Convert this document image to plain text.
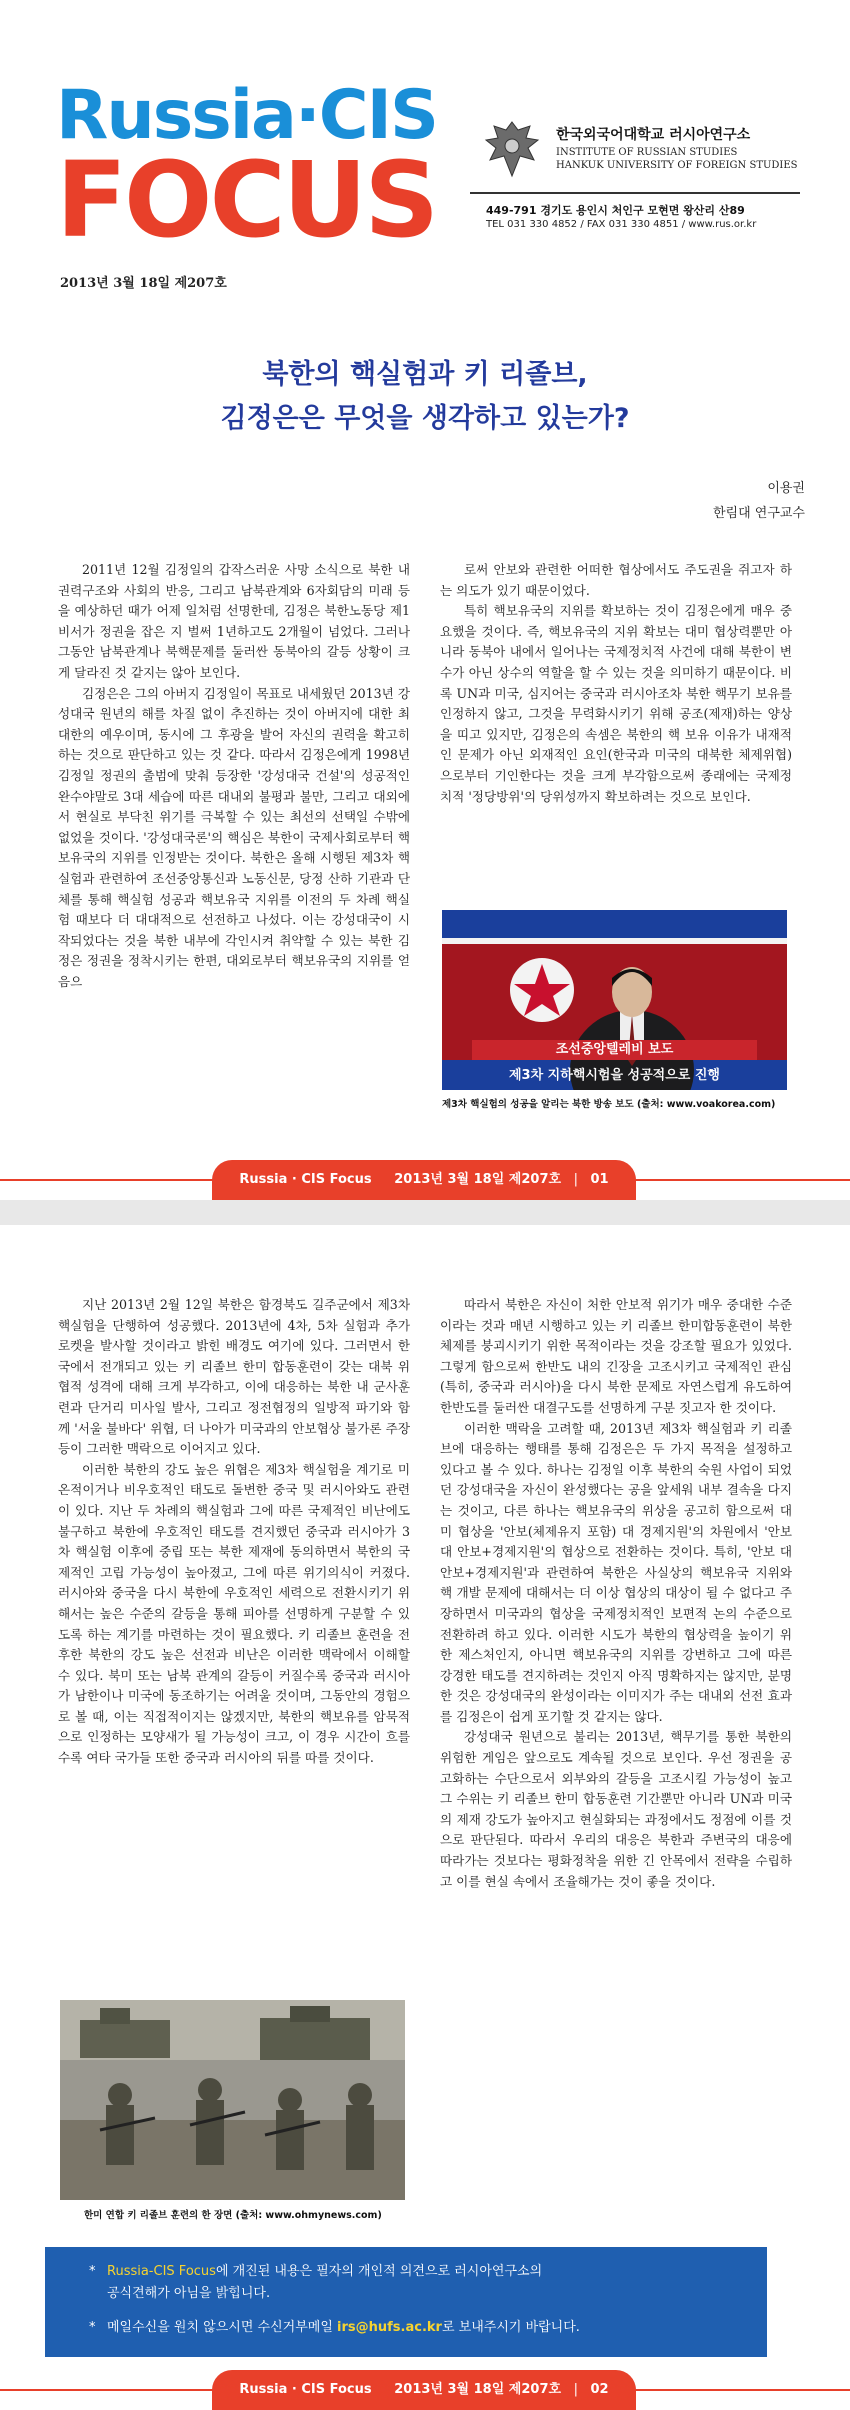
Russia·CIS
FOCUS
2013년 3월 18일 제207호
한국외국어대학교 러시아연구소
INSTITUTE OF RUSSIAN STUDIES
HANKUK UNIVERSITY OF FOREIGN STUDIES
449-791 경기도 용인시 처인구 모현면 왕산리 산89
TEL 031 330 4852 / FAX 031 330 4851 / www.rus.or.kr
북한의 핵실험과 키 리졸브,
김정은은 무엇을 생각하고 있는가?
이용권
한림대 연구교수

2011년 12월 김정일의 갑작스러운 사망 소식으로 북한 내 권력구조와 사회의 반응, 그리고 남북관계와 6자회담의 미래 등을 예상하던 때가 어제 일처럼 선명한데, 김정은 북한노동당 제1비서가 정권을 잡은 지 벌써 1년하고도 2개월이 넘었다. 그러나 그동안 남북관계나 북핵문제를 둘러싼 동북아의 갈등 상황이 크게 달라진 것 같지는 않아 보인다.

김정은은 그의 아버지 김정일이 목표로 내세웠던 2013년 강성대국 원년의 해를 차질 없이 추진하는 것이 아버지에 대한 최대한의 예우이며, 동시에 그 후광을 발어 자신의 권력을 확고히 하는 것으로 판단하고 있는 것 같다. 따라서 김정은에게 1998년 김정일 정권의 출범에 맞춰 등장한 '강성대국 건설'의 성공적인 완수야말로 3대 세습에 따른 대내외 불평과 불만, 그리고 대외에서 현실로 부닥친 위기를 극복할 수 있는 최선의 선택일 수밖에 없었을 것이다. '강성대국론'의 핵심은 북한이 국제사회로부터 핵보유국의 지위를 인정받는 것이다. 북한은 올해 시행된 제3차 핵실험과 관련하여 조선중앙통신과 노동신문, 당정 산하 기관과 단체를 통해 핵실험 성공과 핵보유국 지위를 이전의 두 차례 핵실험 때보다 더 대대적으로 선전하고 나섰다. 이는 강성대국이 시작되었다는 것을 북한 내부에 각인시켜 취약할 수 있는 북한 김정은 정권을 정착시키는 한편, 대외로부터 핵보유국의 지위를 얻음으

로써 안보와 관련한 어떠한 협상에서도 주도권을 쥐고자 하는 의도가 있기 때문이었다.

특히 핵보유국의 지위를 확보하는 것이 김정은에게 매우 중요했을 것이다. 즉, 핵보유국의 지위 확보는 대미 협상력뿐만 아니라 동북아 내에서 일어나는 국제정치적 사건에 대해 북한이 변수가 아닌 상수의 역할을 할 수 있는 것을 의미하기 때문이다. 비록 UN과 미국, 심지어는 중국과 러시아조차 북한 핵무기 보유를 인정하지 않고, 그것을 무력화시키기 위해 공조(제재)하는 양상을 띠고 있지만, 김정은의 속셈은 북한의 핵 보유 이유가 내재적인 문제가 아닌 외재적인 요인(한국과 미국의 대북한 체제위협)으로부터 기인한다는 것을 크게 부각함으로써 종래에는 국제정치적 '정당방위'의 당위성까지 확보하려는 것으로 보인다.

조선중앙텔레비 보도
제3차 지하핵시험을 성공적으로 진행
제3차 핵실험의 성공을 알리는 북한 방송 보도 (출처: www.voakorea.com)
Russia · CIS Focus 2013년 3월 18일 제207호 | 01

지난 2013년 2월 12일 북한은 함경북도 길주군에서 제3차 핵실험을 단행하여 성공했다. 2013년에 4차, 5차 실험과 추가 로켓을 발사할 것이라고 밝힌 배경도 여기에 있다. 그러면서 한국에서 전개되고 있는 키 리졸브 한미 합동훈련이 갖는 대북 위협적 성격에 대해 크게 부각하고, 이에 대응하는 북한 내 군사훈련과 단거리 미사일 발사, 그리고 정전협정의 일방적 파기와 함께 '서울 불바다' 위협, 더 나아가 미국과의 안보협상 불가론 주장 등이 그러한 맥락으로 이어지고 있다.

이러한 북한의 강도 높은 위협은 제3차 핵실험을 계기로 미온적이거나 비우호적인 태도로 돌변한 중국 및 러시아와도 관련이 있다. 지난 두 차례의 핵실험과 그에 따른 국제적인 비난에도 불구하고 북한에 우호적인 태도를 견지했던 중국과 러시아가 3차 핵실험 이후에 중립 또는 북한 제재에 동의하면서 북한의 국제적인 고립 가능성이 높아졌고, 그에 따른 위기의식이 커졌다. 러시아와 중국을 다시 북한에 우호적인 세력으로 전환시키기 위해서는 높은 수준의 갈등을 통해 피아를 선명하게 구분할 수 있도록 하는 계기를 마련하는 것이 필요했다. 키 리졸브 훈련을 전후한 북한의 강도 높은 선전과 비난은 이러한 맥락에서 이해할 수 있다. 북미 또는 남북 관계의 갈등이 커질수록 중국과 러시아가 남한이나 미국에 동조하기는 어려울 것이며, 그동안의 경험으로 볼 때, 이는 직접적이지는 않겠지만, 북한의 핵보유를 암묵적으로 인정하는 모양새가 될 가능성이 크고, 이 경우 시간이 흐를수록 여타 국가들 또한 중국과 러시아의 뒤를 따를 것이다.

따라서 북한은 자신이 처한 안보적 위기가 매우 중대한 수준이라는 것과 매년 시행하고 있는 키 리졸브 한미합동훈련이 북한 체제를 붕괴시키기 위한 목적이라는 것을 강조할 필요가 있었다. 그렇게 함으로써 한반도 내의 긴장을 고조시키고 국제적인 관심(특히, 중국과 러시아)을 다시 북한 문제로 자연스럽게 유도하여 한반도를 둘러싼 대결구도를 선명하게 구분 짓고자 한 것이다.

이러한 맥락을 고려할 때, 2013년 제3차 핵실험과 키 리졸브에 대응하는 행태를 통해 김정은은 두 가지 목적을 설정하고 있다고 볼 수 있다. 하나는 김정일 이후 북한의 숙원 사업이 되었던 강성대국을 자신이 완성했다는 공을 앞세워 내부 결속을 다지는 것이고, 다른 하나는 핵보유국의 위상을 공고히 함으로써 대미 협상을 '안보(체제유지 포함) 대 경제지원'의 차원에서 '안보 대 안보+경제지원'의 협상으로 전환하는 것이다. 특히, '안보 대 안보+경제지원'과 관련하여 북한은 사실상의 핵보유국 지위와 핵 개발 문제에 대해서는 더 이상 협상의 대상이 될 수 없다고 주장하면서 미국과의 협상을 국제정치적인 보편적 논의 수준으로 전환하려 하고 있다. 이러한 시도가 북한의 협상력을 높이기 위한 제스처인지, 아니면 핵보유국의 지위를 강변하고 그에 따른 강경한 태도를 견지하려는 것인지 아직 명확하지는 않지만, 분명한 것은 강성대국의 완성이라는 이미지가 주는 대내외 선전 효과를 김정은이 쉽게 포기할 것 같지는 않다.

강성대국 원년으로 불리는 2013년, 핵무기를 통한 북한의 위험한 게임은 앞으로도 계속될 것으로 보인다. 우선 정권을 공고화하는 수단으로서 외부와의 갈등을 고조시킬 가능성이 높고 그 수위는 키 리졸브 한미 합동훈련 기간뿐만 아니라 UN과 미국의 제재 강도가 높아지고 현실화되는 과정에서도 정점에 이를 것으로 판단된다. 따라서 우리의 대응은 북한과 주변국의 대응에 따라가는 것보다는 평화정착을 위한 긴 안목에서 전략을 수립하고 이를 현실 속에서 조율해가는 것이 좋을 것이다.

한미 연합 키 리졸브 훈련의 한 장면 (출처: www.ohmynews.com)
* Russia-CIS Focus에 개진된 내용은 필자의 개인적 의견으로 러시아연구소의
공식견해가 아님을 밝힙니다.
* 메일수신을 원치 않으시면 수신거부메일 irs@hufs.ac.kr로 보내주시기 바랍니다.
Russia · CIS Focus 2013년 3월 18일 제207호 | 02
